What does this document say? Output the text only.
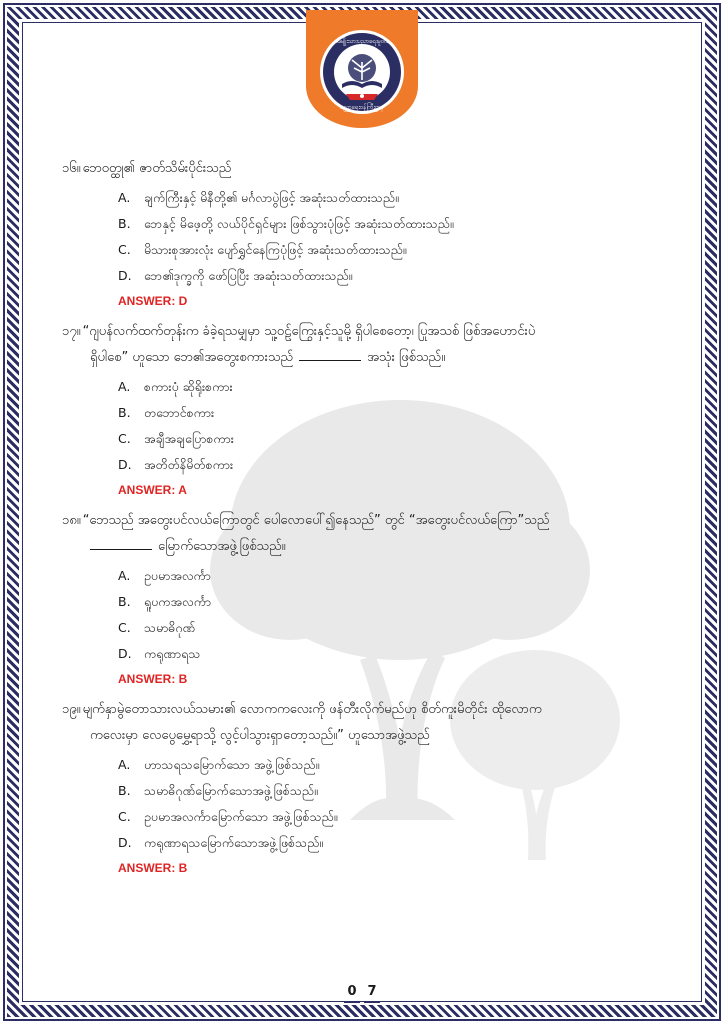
အမျိုးသားပညာရေးမူဝါဒ
ပညာရေးဝန်ကြီးဌာန

၁၆။ ဘေဝတ္ထု၏ ဇာတ်သိမ်းပိုင်းသည်

A.	ချက်ကြီးနှင့် မိနီတို့၏ မင်္ဂလာပွဲဖြင့် အဆုံးသတ်ထားသည်။
B.	ဘေနှင့် မိဖေ့တို့ လယ်ပိုင်ရှင်များ ဖြစ်သွားပုံဖြင့် အဆုံးသတ်ထားသည်။
C.	မိသားစုအားလုံး ပျော်ရွှင်နေကြပုံဖြင့် အဆုံးသတ်ထားသည်။
D. ဘေ၏ဒုက္ခကို ဖော်ပြပြီး အဆုံးသတ်ထားသည်။
ANSWER: D

၁၇။ “ဂျပန်လက်ထက်တုန်းက ခံခဲ့ရသမျှမှာ သူ့ဝဠ်ကြွေးနှင့်သူမို့ ရှိပါစေတော့၊ ပြုအသစ် ဖြစ်အဟောင်းပဲ

ရှိပါစေ” ဟူသော ဘေ၏အတွေးစကားသည်	အသုံး ဖြစ်သည်။

A.	စကားပုံ ဆိုရိုးစကား
B.	တဘောင်စကား
C.	အချီအချပြောစကား
D. အတိတ်နိမိတ်စကား
ANSWER: A

၁၈။ “ဘေသည် အတွေးပင်လယ်ကြောတွင် ပေါလောပေါ်၍နေသည်” တွင် “အတွေးပင်လယ်ကြော”သည်

မြောက်သောအဖွဲ့ဖြစ်သည်။

A.	ဥပမာအလင်္ကာ
B.	ရူပကအလင်္ကာ
C.	သမာဓိဂုဏ်
D. ကရုဏာရသ
ANSWER: B

၁၉။ မျက်နှာမွဲတောသားလယ်သမား၏ လောကကလေးကို ဖန်တီးလိုက်မည်ဟု စိတ်ကူးမိတိုင်း ထိုလောက

ကလေးမှာ လေပွေမွှေ့ရာသို့ လွင့်ပါသွားရှာတော့သည်။” ဟူသောအဖွဲ့သည်

A.	ဟာသရသမြောက်သော အဖွဲ့ဖြစ်သည်။
B.	သမာဓိဂုဏ်မြောက်သောအဖွဲ့ဖြစ်သည်။
C.	ဥပမာအလင်္ကာမြောက်သော အဖွဲ့ဖြစ်သည်။
D. ကရုဏာရသမြောက်သောအဖွဲ့ဖြစ်သည်။
ANSWER: B
0 7
